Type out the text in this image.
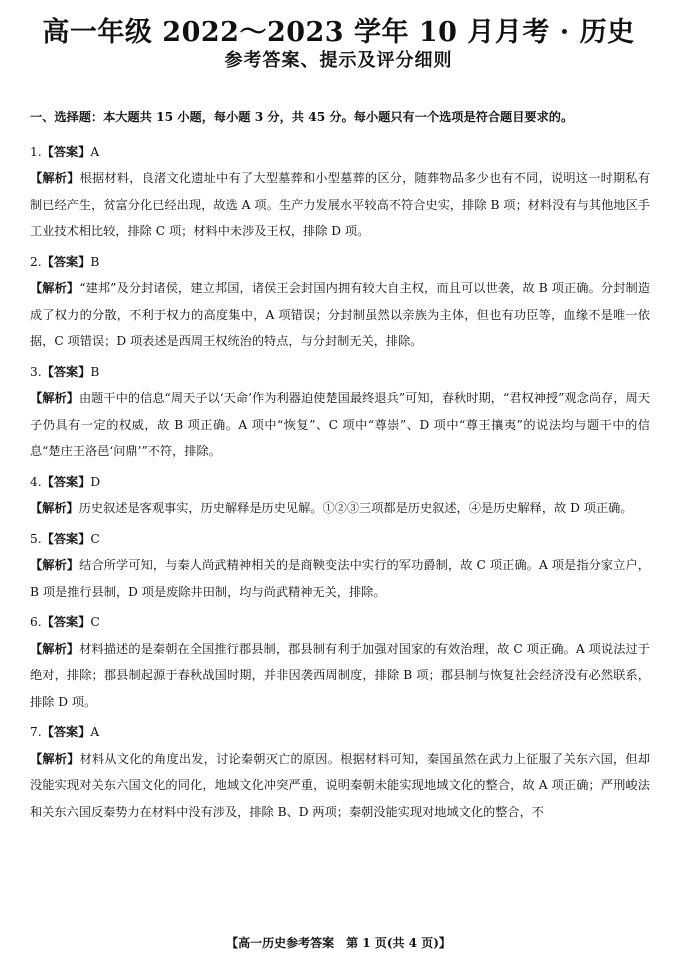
高一年级 2022～2023 学年 10 月月考 · 历史
参考答案、提示及评分细则
一、选择题：本大题共 15 小题，每小题 3 分，共 45 分。每小题只有一个选项是符合题目要求的。
1.【答案】A
【解析】根据材料，良渚文化遗址中有了大型墓葬和小型墓葬的区分，随葬物品多少也有不同，说明这一时期私有制已经产生，贫富分化已经出现，故选 A 项。生产力发展水平较高不符合史实，排除 B 项；材料没有与其他地区手工业技术相比较，排除 C 项；材料中未涉及王权，排除 D 项。
2.【答案】B
【解析】“建邦”及分封诸侯，建立邦国，诸侯王会封国内拥有较大自主权，而且可以世袭，故 B 项正确。分封制造成了权力的分散，不利于权力的高度集中，A 项错误；分封制虽然以亲族为主体，但也有功臣等，血缘不是唯一依据，C 项错误；D 项表述是西周王权统治的特点，与分封制无关，排除。
3.【答案】B
【解析】由题干中的信息“周天子以‘天命’作为利器迫使楚国最终退兵”可知，春秋时期，“君权神授”观念尚存，周天子仍具有一定的权威，故 B 项正确。A 项中“恢复”、C 项中“尊崇”、D 项中“尊王攘夷”的说法均与题干中的信息“楚庄王洛邑‘问鼎’”不符，排除。
4.【答案】D
【解析】历史叙述是客观事实，历史解释是历史见解。①②③三项都是历史叙述，④是历史解释，故 D 项正确。
5.【答案】C
【解析】结合所学可知，与秦人尚武精神相关的是商鞅变法中实行的军功爵制，故 C 项正确。A 项是指分家立户，B 项是推行县制，D 项是废除井田制，均与尚武精神无关，排除。
6.【答案】C
【解析】材料描述的是秦朝在全国推行郡县制，郡县制有利于加强对国家的有效治理，故 C 项正确。A 项说法过于绝对，排除；郡县制起源于春秋战国时期，并非因袭西周制度，排除 B 项；郡县制与恢复社会经济没有必然联系，排除 D 项。
7.【答案】A
【解析】材料从文化的角度出发，讨论秦朝灭亡的原因。根据材料可知，秦国虽然在武力上征服了关东六国，但却没能实现对关东六国文化的同化，地域文化冲突严重，说明秦朝未能实现地域文化的整合，故 A 项正确；严刑峻法和关东六国反秦势力在材料中没有涉及，排除 B、D 两项；秦朝没能实现对地域文化的整合，不
【高一历史参考答案　第 1 页(共 4 页)】
